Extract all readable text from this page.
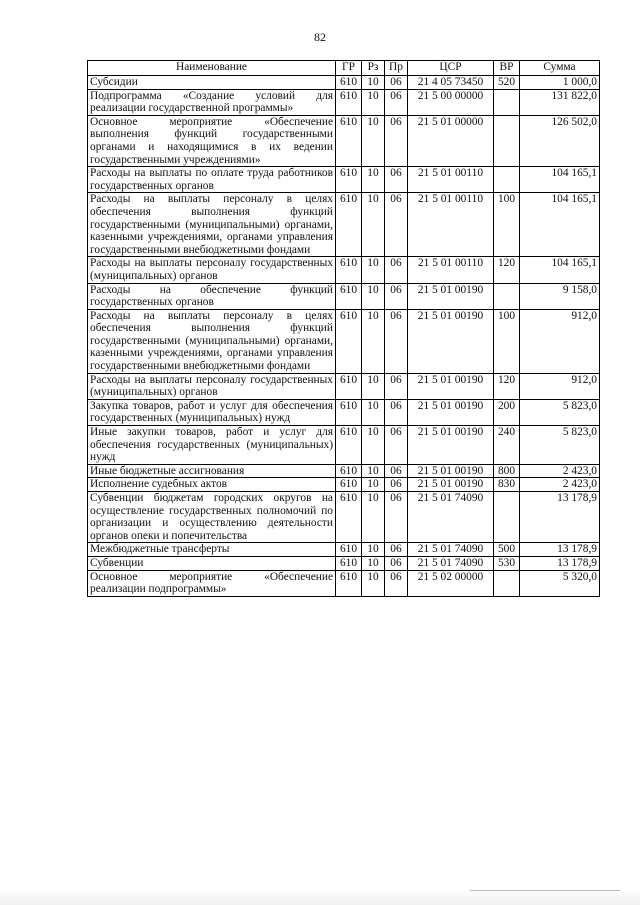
82
Наименование	ГР	Рз	Пр	ЦСР	ВР	Сумма
Субсидии	610	10	06	21 4 05 73450	520	1 000,0
Подпрограмма «Создание условий для реализации государственной программы»	610	10	06	21 5 00 00000		131 822,0
Основное мероприятие «Обеспечение выполнения функций государственными органами и находящимися в их ведении государственными учреждениями»	610	10	06	21 5 01 00000		126 502,0
Расходы на выплаты по оплате труда работников государственных органов	610	10	06	21 5 01 00110		104 165,1
Расходы на выплаты персоналу в целях обеспечения выполнения функций государственными (муниципальными) органами, казенными учреждениями, органами управления государственными внебюджетными фондами	610	10	06	21 5 01 00110	100	104 165,1
Расходы на выплаты персоналу государственных (муниципальных) органов	610	10	06	21 5 01 00110	120	104 165,1
Расходы на обеспечение функций государственных органов	610	10	06	21 5 01 00190		9 158,0
Расходы на выплаты персоналу в целях обеспечения выполнения функций государственными (муниципальными) органами, казенными учреждениями, органами управления государственными внебюджетными фондами	610	10	06	21 5 01 00190	100	912,0
Расходы на выплаты персоналу государственных (муниципальных) органов	610	10	06	21 5 01 00190	120	912,0
Закупка товаров, работ и услуг для обеспечения государственных (муниципальных) нужд	610	10	06	21 5 01 00190	200	5 823,0
Иные закупки товаров, работ и услуг для обеспечения государственных (муниципальных) нужд	610	10	06	21 5 01 00190	240	5 823,0
Иные бюджетные ассигнования	610	10	06	21 5 01 00190	800	2 423,0
Исполнение судебных актов	610	10	06	21 5 01 00190	830	2 423,0
Субвенции бюджетам городских округов на осуществление государственных полномочий по организации и осуществлению деятельности органов опеки и попечительства	610	10	06	21 5 01 74090		13 178,9
Межбюджетные трансферты	610	10	06	21 5 01 74090	500	13 178,9
Субвенции	610	10	06	21 5 01 74090	530	13 178,9
Основное мероприятие «Обеспечение реализации подпрограммы»	610	10	06	21 5 02 00000		5 320,0
